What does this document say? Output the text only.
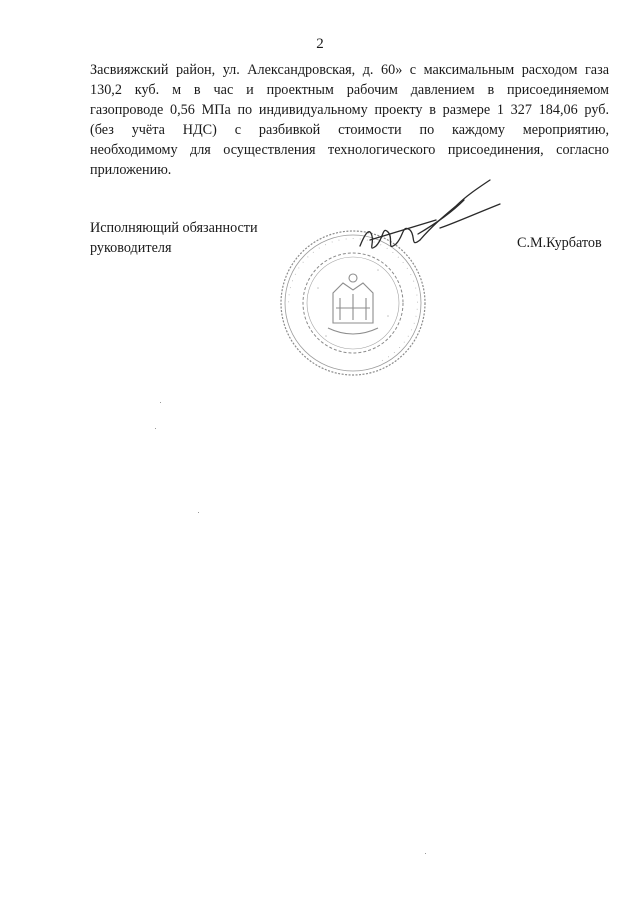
2
Засвияжский район, ул. Александровская, д. 60» с максимальным расходом газа
130,2 куб. м в час и проектным рабочим давлением в присоединяемом
газопроводе 0,56 МПа по индивидуальному проекту в размере 1 327 184,06 руб.
(без учёта НДС) с разбивкой стоимости по каждому мероприятию,
необходимому для осуществления технологического присоединения, согласно
приложению.
Исполняющий обязанности
руководителя
· · · · · · · · · · · · · · · · · · · · · · · · · · · · · · · · · · · · · · ·
С.М.Курбатов
